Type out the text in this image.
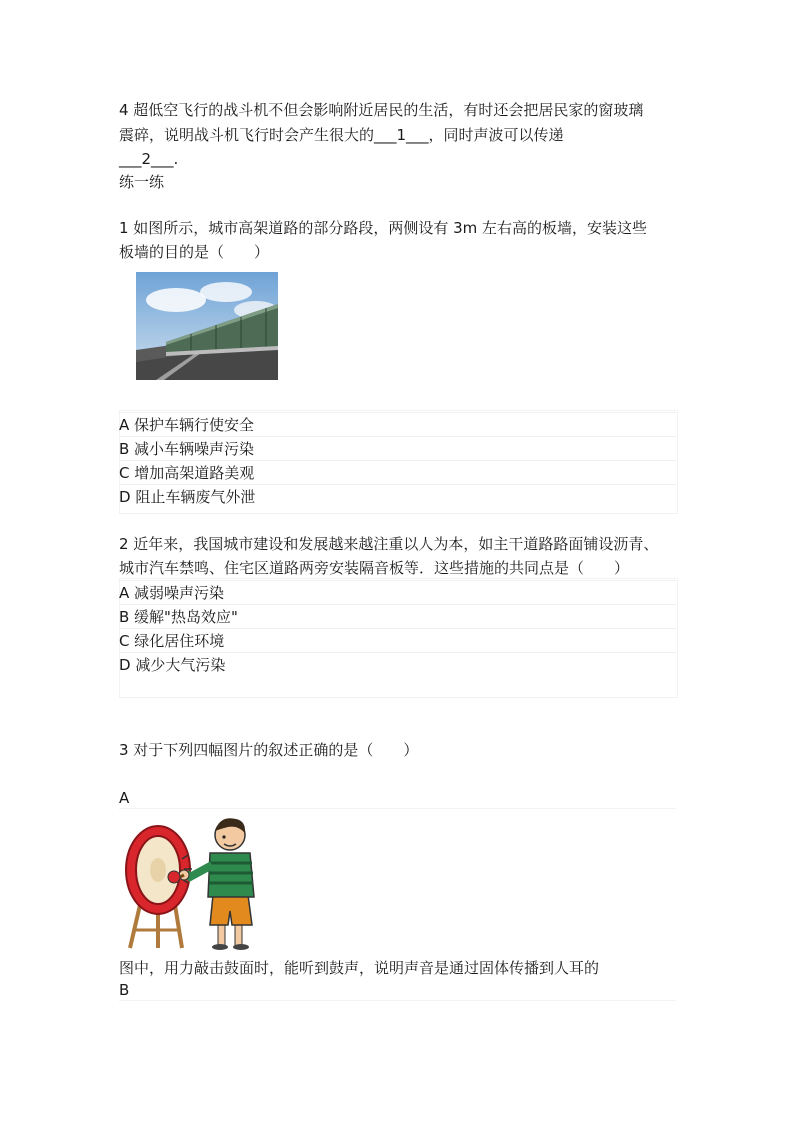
4 超低空飞行的战斗机不但会影响附近居民的生活，有时还会把居民家的窗玻璃
震碎，说明战斗机飞行时会产生很大的___1___，同时声波可以传递
___2___.
练一练
1 如图所示，城市高架道路的部分路段，两侧设有 3m 左右高的板墙，安装这些
板墙的目的是（　　）
A 保护车辆行使安全
B 减小车辆噪声污染
C 增加高架道路美观
D 阻止车辆废气外泄
2 近年来，我国城市建设和发展越来越注重以人为本，如主干道路路面铺设沥青、
城市汽车禁鸣、住宅区道路两旁安装隔音板等．这些措施的共同点是（　　）
A 减弱噪声污染
B 缓解"热岛效应"
C 绿化居住环境
D 减少大气污染
3 对于下列四幅图片的叙述正确的是（　　）
A
图中，用力敲击鼓面时，能听到鼓声，说明声音是通过固体传播到人耳的
B
